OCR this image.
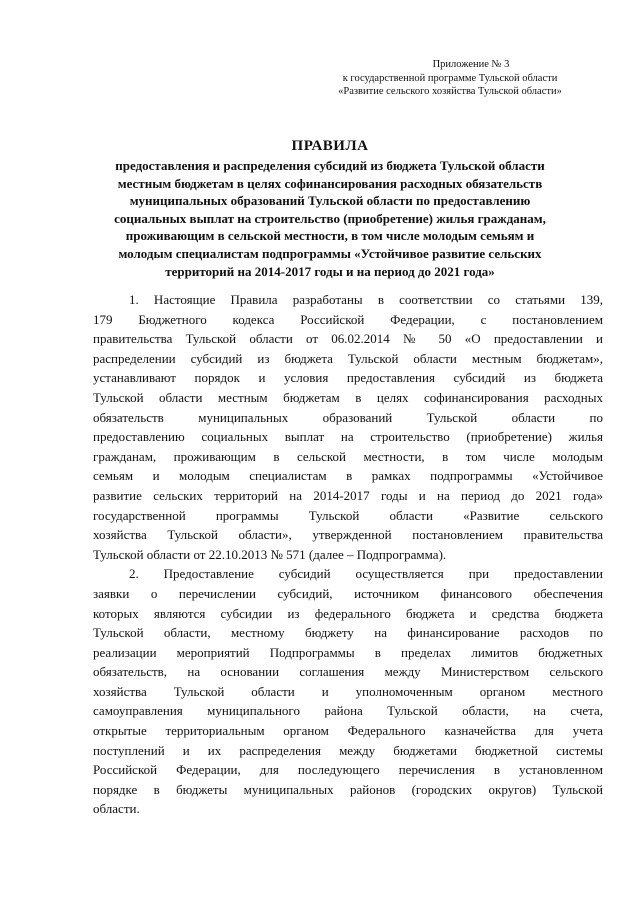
Приложение № 3
к государственной программе Тульской области
«Развитие сельского хозяйства Тульской области»
ПРАВИЛА
предоставления и распределения субсидий из бюджета Тульской области
местным бюджетам в целях софинансирования расходных обязательств
муниципальных образований Тульской области по предоставлению
социальных выплат на строительство (приобретение) жилья гражданам,
проживающим в сельской местности, в том числе молодым семьям и
молодым специалистам подпрограммы «Устойчивое развитие сельских
территорий на 2014-2017 годы и на период до 2021 года»
1. Настоящие Правила разработаны в соответствии со статьями 139,
179 Бюджетного кодекса Российской Федерации, с постановлением
правительства Тульской области от 06.02.2014 № 50 «О предоставлении и
распределении субсидий из бюджета Тульской области местным бюджетам»,
устанавливают порядок и условия предоставления субсидий из бюджета
Тульской области местным бюджетам в целях софинансирования расходных
обязательств муниципальных образований Тульской области по
предоставлению социальных выплат на строительство (приобретение) жилья
гражданам, проживающим в сельской местности, в том числе молодым
семьям и молодым специалистам в рамках подпрограммы «Устойчивое
развитие сельских территорий на 2014-2017 годы и на период до 2021 года»
государственной программы Тульской области «Развитие сельского
хозяйства Тульской области», утвержденной постановлением правительства
Тульской области от 22.10.2013 № 571 (далее – Подпрограмма).
2. Предоставление субсидий осуществляется при предоставлении
заявки о перечислении субсидий, источником финансового обеспечения
которых являются субсидии из федерального бюджета и средства бюджета
Тульской области, местному бюджету на финансирование расходов по
реализации мероприятий Подпрограммы в пределах лимитов бюджетных
обязательств, на основании соглашения между Министерством сельского
хозяйства Тульской области и уполномоченным органом местного
самоуправления муниципального района Тульской области, на счета,
открытые территориальным органом Федерального казначейства для учета
поступлений и их распределения между бюджетами бюджетной системы
Российской Федерации, для последующего перечисления в установленном
порядке в бюджеты муниципальных районов (городских округов) Тульской
области.
